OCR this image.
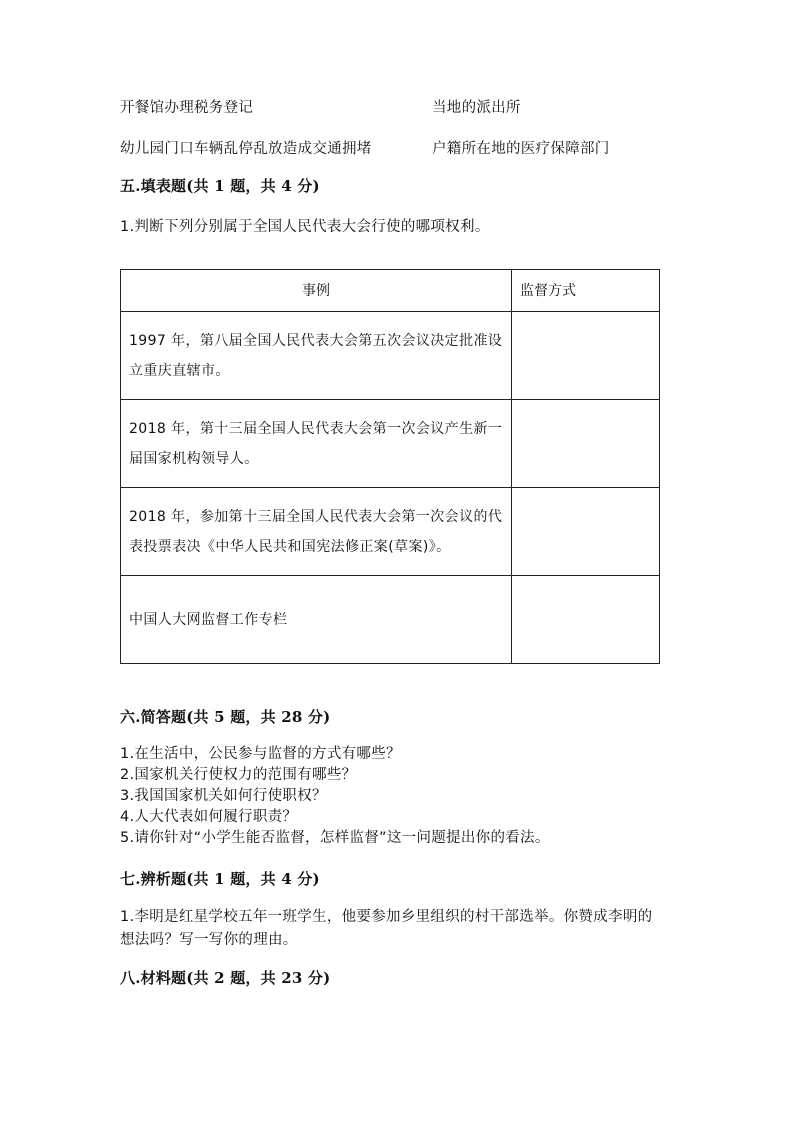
开餐馆办理税务登记	当地的派出所
幼儿园门口车辆乱停乱放造成交通拥堵	户籍所在地的医疗保障部门
五.填表题(共 1 题，共 4 分)
1.判断下列分别属于全国人民代表大会行使的哪项权利。
事例	监督方式
1997 年，第八届全国人民代表大会第五次会议决定批准设立重庆直辖市。	
2018 年，第十三届全国人民代表大会第一次会议产生新一届国家机构领导人。	
2018 年，参加第十三届全国人民代表大会第一次会议的代表投票表决《中华人民共和国宪法修正案(草案)》。	
中国人大网监督工作专栏	
六.简答题(共 5 题，共 28 分)
1.在生活中，公民参与监督的方式有哪些？
2.国家机关行使权力的范围有哪些？
3.我国国家机关如何行使职权？
4.人大代表如何履行职责？
5.请你针对“小学生能否监督，怎样监督”这一问题提出你的看法。
七.辨析题(共 1 题，共 4 分)
1.李明是红星学校五年一班学生，他要参加乡里组织的村干部选举。你赞成李明的想法吗？写一写你的理由。
八.材料题(共 2 题，共 23 分)
